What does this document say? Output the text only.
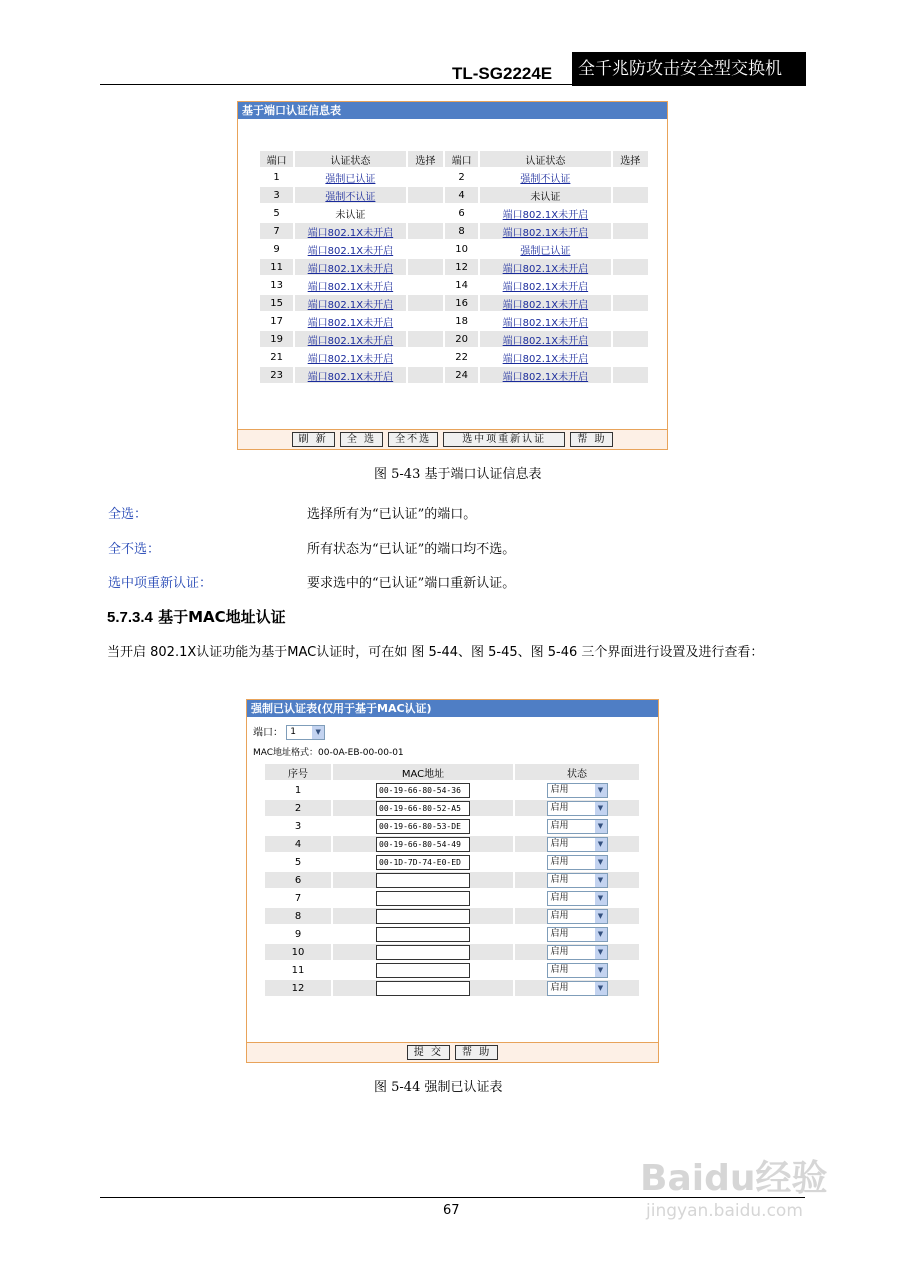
TL-SG2224E	全千兆防攻击安全型交换机
基于端口认证信息表
端口	认证状态	选择	端口	认证状态	选择
1	强制已认证		2	强制不认证	
3	强制不认证		4	未认证	
5	未认证		6	端口802.1X未开启	
7	端口802.1X未开启		8	端口802.1X未开启	
9	端口802.1X未开启		10	强制已认证	
11	端口802.1X未开启		12	端口802.1X未开启	
13	端口802.1X未开启		14	端口802.1X未开启	
15	端口802.1X未开启		16	端口802.1X未开启	
17	端口802.1X未开启		18	端口802.1X未开启	
19	端口802.1X未开启		20	端口802.1X未开启	
21	端口802.1X未开启		22	端口802.1X未开启	
23	端口802.1X未开启		24	端口802.1X未开启	
刷 新 全 选 全不选	选中项重新认证	帮 助
图 5-43 基于端口认证信息表
全选：	选择所有为“已认证”的端口。
全不选：	所有状态为“已认证”的端口均不选。
选中项重新认证：	要求选中的“已认证”端口重新认证。
5.7.3.4 基于MAC地址认证
当开启 802.1X认证功能为基于MAC认证时，可在如 图 5-44、图 5-45、图 5-46 三个界面进行设置及进行查看：
强制已认证表(仅用于基于MAC认证)
端口： 1	▼
MAC地址格式：00-0A-EB-00-00-01
序号	MAC地址	状态
1	00-19-66-80-54-36	启用 ▼

2	00-19-66-80-52-A5	启用 ▼

3	00-19-66-80-53-DE	启用 ▼

4	00-19-66-80-54-49	启用 ▼

5	00-1D-7D-74-E0-ED	启用 ▼

6		启用 ▼

7		启用 ▼

8		启用 ▼

9		启用 ▼

10		启用 ▼

11		启用 ▼

12		启用 ▼
提 交 帮 助
图 5-44 强制已认证表
67
Baidu经验
jingyan.baidu.com
